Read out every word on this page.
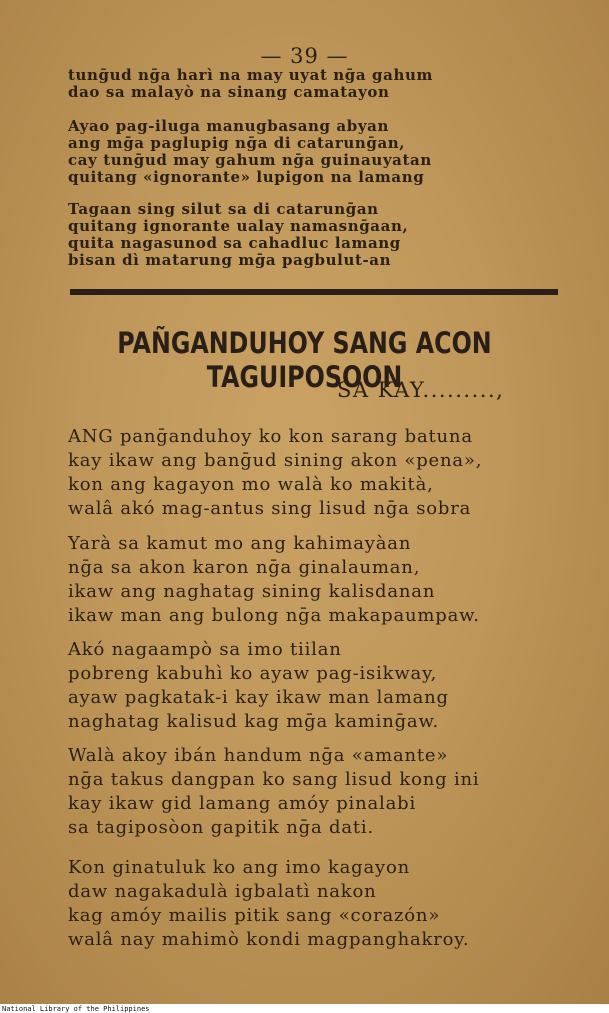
— 39 —
tunḡud nḡa harì na may uyat nḡa gahum
dao sa malayò na sinang camatayon
Ayao pag-iluga manugbasang abyan
ang mḡa paglupig nḡa di catarunḡan,
cay tunḡud may gahum nḡa guinauyatan
quitang «ignorante» lupigon na lamang
Tagaan sing silut sa di catarunḡan
quitang ignorante ualay namasnḡaan,
quita nagasunod sa cahadluc lamang
bisan dì matarung mḡa pagbulut-an
PAÑGANDUHOY SANG ACON TAGUIPOSOON
SA KAY.........,
ANG panḡanduhoy ko kon sarang batuna
kay ikaw ang banḡud sining akon «pena»,
kon ang kagayon mo walà ko makità,
walâ akó mag-antus sing lisud nḡa sobra
Yarà sa kamut mo ang kahimayàan
nḡa sa akon karon nḡa ginalauman,
ikaw ang naghatag sining kalisdanan
ikaw man ang bulong nḡa makapaumpaw.
Akó nagaampò sa imo tiilan
pobreng kabuhì ko ayaw pag-isikway,
ayaw pagkatak-i kay ikaw man lamang
naghatag kalisud kag mḡa kaminḡaw.
Walà akoy ibán handum nḡa «amante»
nḡa takus dangpan ko sang lisud kong ini
kay ikaw gid lamang amóy pinalabi
sa tagiposòon gapitik nḡa dati.
Kon ginatuluk ko ang imo kagayon
daw nagakadulà igbalatì nakon
kag amóy mailis pitik sang «corazón»
walâ nay mahimò kondi magpanghakroy.
National Library of the Philippines
